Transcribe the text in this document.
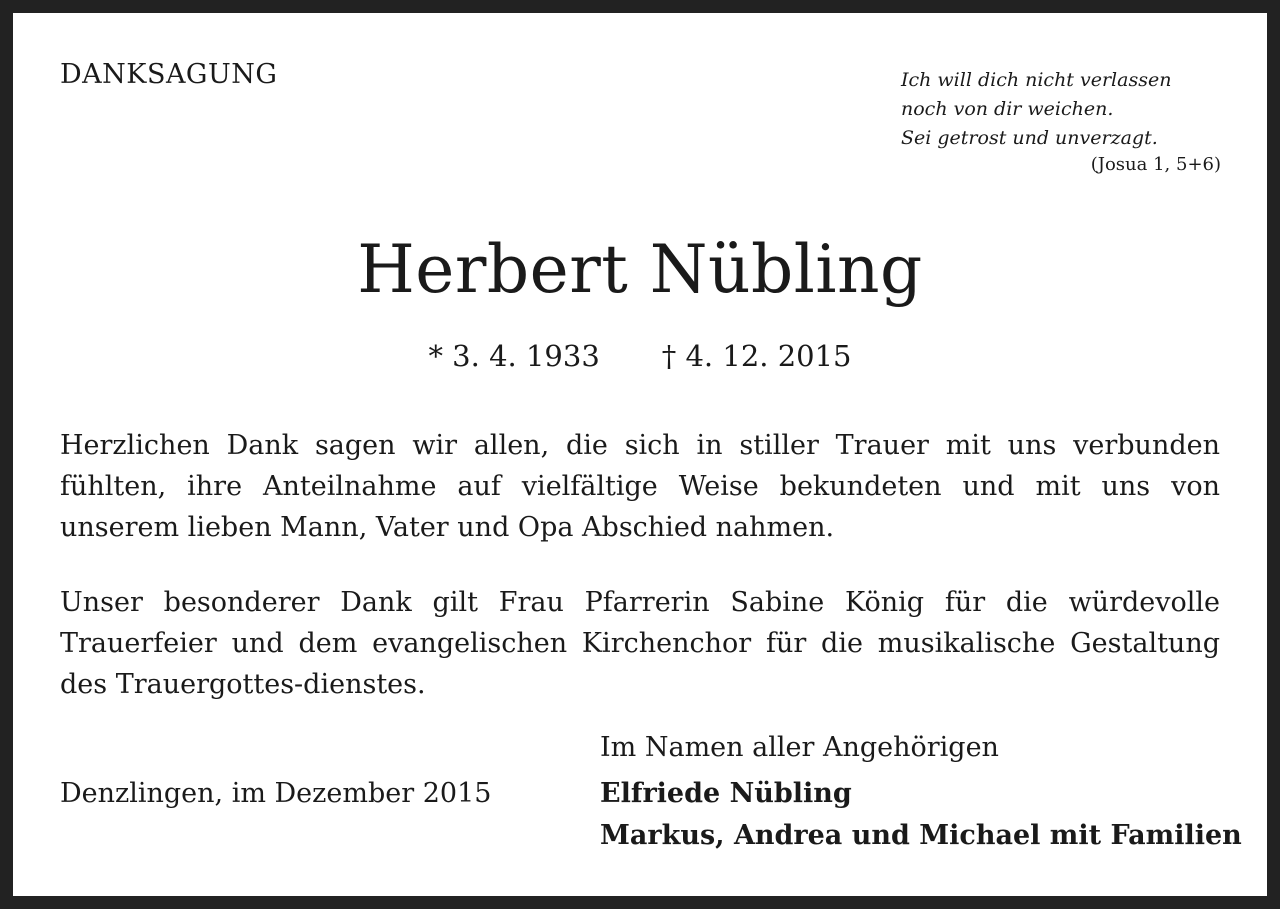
DANKSAGUNG	Ich will dich nicht verlassen
noch von dir weichen.
Sei getrost und unverzagt.
(Josua 1, 5+6)
Herbert Nübling
* 3. 4. 1933 † 4. 12. 2015

Herzlichen Dank sagen wir allen, die sich in stiller Trauer mit uns verbunden fühlten, ihre Anteilnahme auf vielfältige Weise bekundeten und mit uns von unserem lieben Mann, Vater und Opa Abschied nahmen.

Unser besonderer Dank gilt Frau Pfarrerin Sabine König für die würdevolle Trauerfeier und dem evangelischen Kirchenchor für die musikalische Gestaltung des Trauergottes-dienstes.

Im Namen aller Angehörigen
Denzlingen, im Dezember 2015	Elfriede Nübling
Markus, Andrea und Michael mit Familien
